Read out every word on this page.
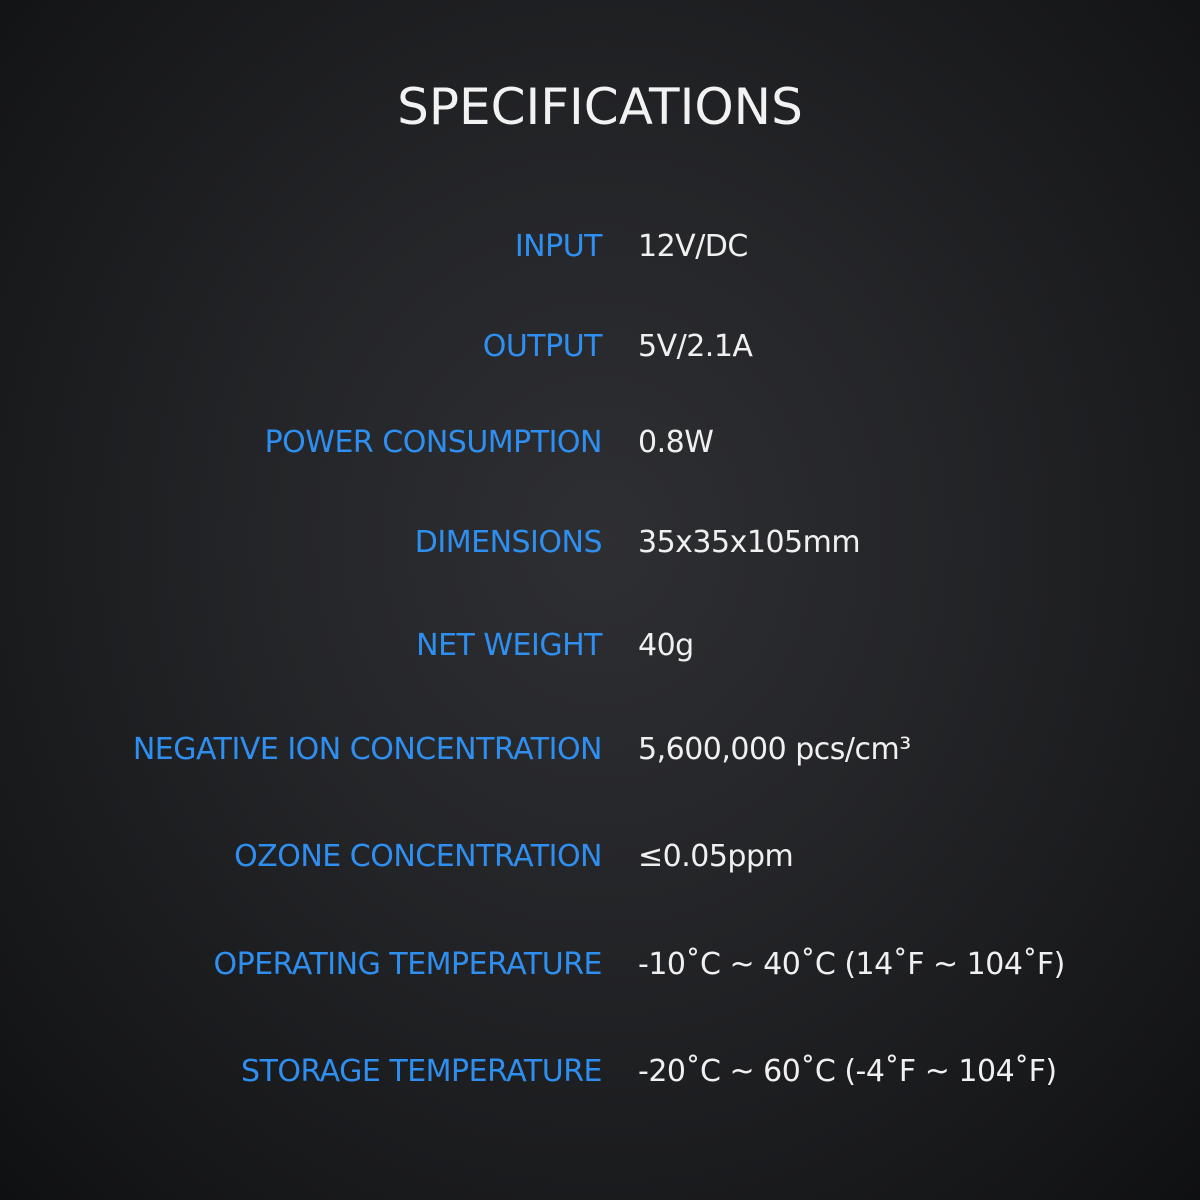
SPECIFICATIONS
INPUT 12V/DC
OUTPUT 5V/2.1A
POWER CONSUMPTION 0.8W
DIMENSIONS 35x35x105mm
NET WEIGHT 40g
NEGATIVE ION CONCENTRATION 5,600,000 pcs/cm³
OZONE CONCENTRATION ≤0.05ppm
OPERATING TEMPERATURE -10˚C ~ 40˚C (14˚F ~ 104˚F)
STORAGE TEMPERATURE -20˚C ~ 60˚C (-4˚F ~ 104˚F)
